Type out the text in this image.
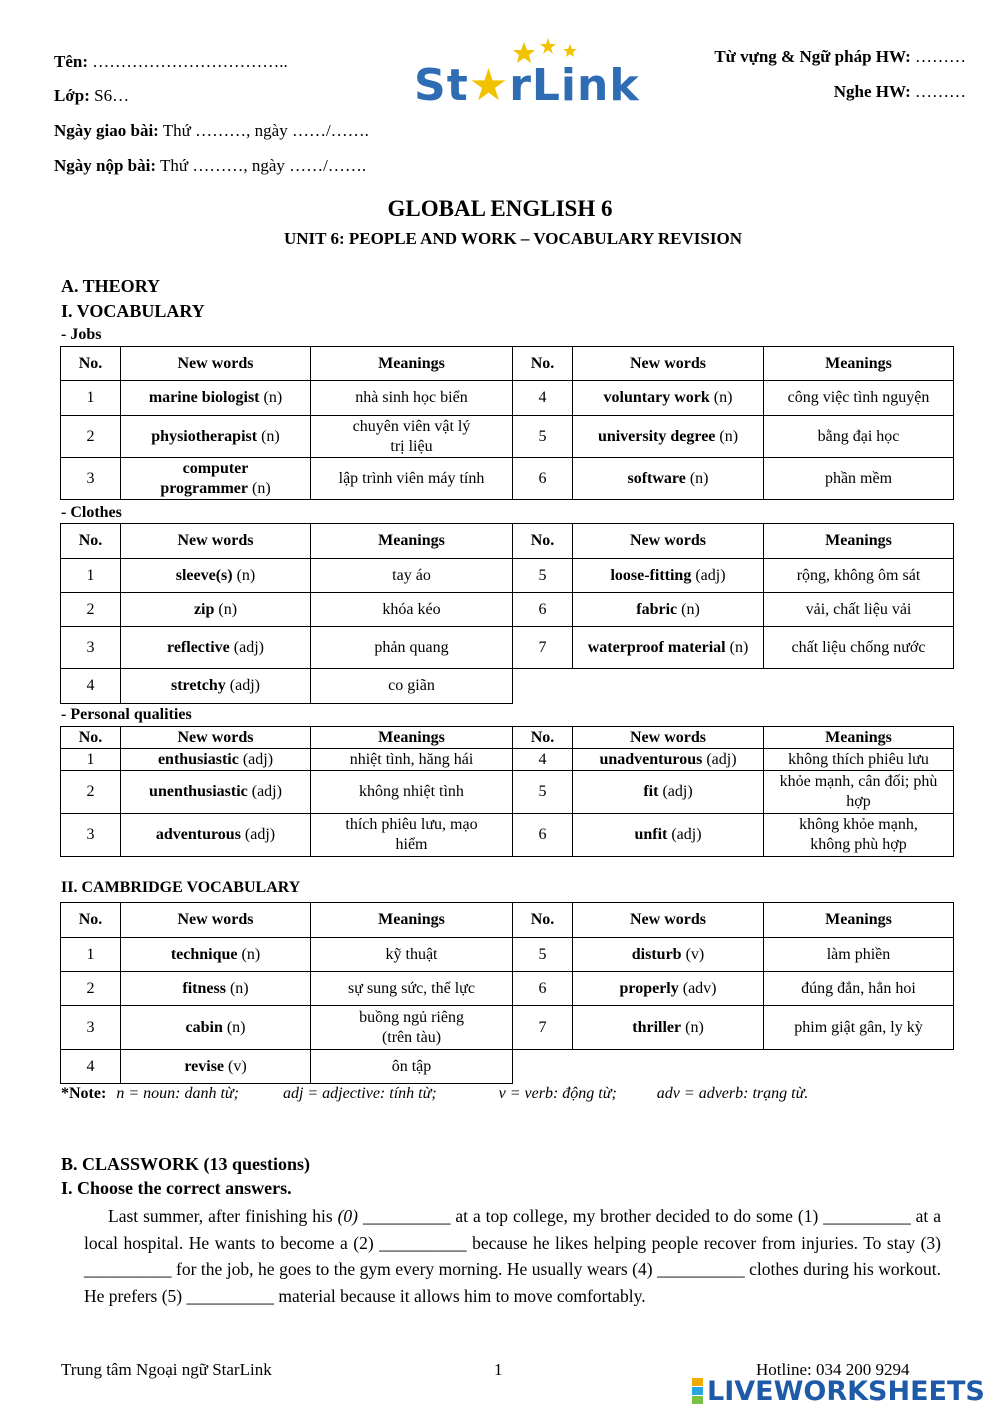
Tên: ……………………………..
Lớp: S6…
Ngày giao bài: Thứ ………, ngày ……/…….
Ngày nộp bài: Thứ ………, ngày ……/…….
Từ vựng & Ngữ pháp HW: ………
Nghe HW: ………
St★rLink
GLOBAL ENGLISH 6
UNIT 6: PEOPLE AND WORK – VOCABULARY REVISION
A. THEORY
I. VOCABULARY
- Jobs
No.	New words	Meanings	No.	New words	Meanings
1	marine biologist (n)	nhà sinh học biển	4	voluntary work (n)	công việc tình nguyện
2	physiotherapist (n)	chuyên viên vật lý trị liệu	5	university degree (n)	bằng đại học
3	computer programmer (n)	lập trình viên máy tính	6	software (n)	phần mềm
- Clothes
No.	New words	Meanings	No.	New words	Meanings
1	sleeve(s) (n)	tay áo	5	loose-fitting (adj)	rộng, không ôm sát
2	zip (n)	khóa kéo	6	fabric (n)	vải, chất liệu vải
3	reflective (adj)	phản quang	7	waterproof material (n)	chất liệu chống nước
4	stretchy (adj)	co giãn			
- Personal qualities
No.	New words	Meanings	No.	New words	Meanings
1	enthusiastic (adj)	nhiệt tình, hăng hái	4	unadventurous (adj)	không thích phiêu lưu
2	unenthusiastic (adj)	không nhiệt tình	5	fit (adj)	khỏe mạnh, cân đối; phù hợp
3	adventurous (adj)	thích phiêu lưu, mạo hiểm	6	unfit (adj)	không khỏe mạnh, không phù hợp
II. CAMBRIDGE VOCABULARY
No.	New words	Meanings	No.	New words	Meanings
1	technique (n)	kỹ thuật	5	disturb (v)	làm phiền
2	fitness (n)	sự sung sức, thể lực	6	properly (adv)	đúng đắn, hẳn hoi
3	cabin (n)	buồng ngủ riêng (trên tàu)	7	thriller (n)	phim giật gân, ly kỳ
4	revise (v)	ôn tập			
*Note: n = noun: danh từ;	adj = adjective: tính từ;	v = verb: động từ;	adv = adverb: trạng từ.
B. CLASSWORK (13 questions)
I. Choose the correct answers.
Last summer, after finishing his (0) __________ at a top college, my brother decided to do some (1) __________ at a local hospital. He wants to become a (2) __________ because he likes helping people recover from injuries. To stay (3) __________ for the job, he goes to the gym every morning. He usually wears (4) __________ clothes during his workout. He prefers (5) __________ material because it allows him to move comfortably.
Trung tâm Ngoại ngữ StarLink	1	Hotline: 034 200 9294
LIVEWORKSHEETS
